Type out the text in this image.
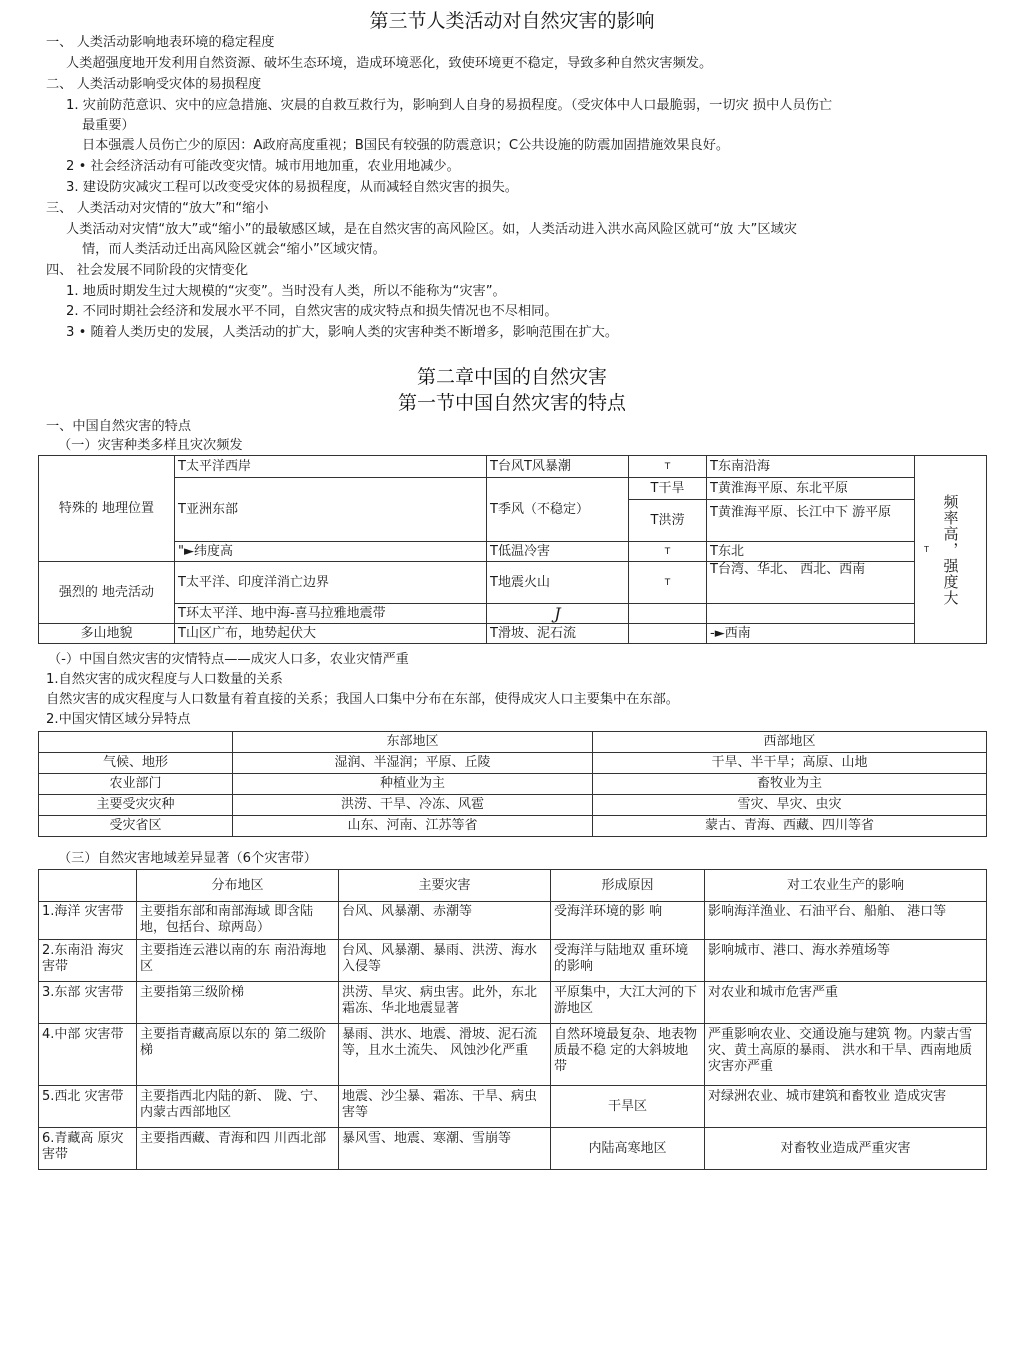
第三节人类活动对自然灾害的影响
一、 人类活动影响地表环境的稳定程度
人类超强度地开发利用自然资源、破坏生态环境，造成环境恶化，致使环境更不稳定，导致多种自然灾害频发。
二、 人类活动影响受灾体的易损程度
1. 灾前防范意识、灾中的应急措施、灾晨的自救互救行为，影响到人自身的易损程度。（受灾体中人口最脆弱，一切灾 损中人员伤亡
最重要）
日本强震人员伤亡少的原因：A政府高度重视；B国民有较强的防震意识；C公共设施的防震加固措施效果良好。
2 • 社会经济活动有可能改变灾情。城市用地加重，农业用地减少。
3. 建设防灾减灾工程可以改变受灾体的易损程度，从而减轻自然灾害的损失。
三、 人类活动对灾情的“放大”和“缩小
人类活动对灾情“放大”或“缩小”的最敏感区域，是在自然灾害的高风险区。如，人类活动进入洪水高风险区就可“放 大”区域灾
情，而人类活动迁出高风险区就会“缩小”区域灾情。
四、 社会发展不同阶段的灾情变化
1. 地质时期发生过大规模的“灾变”。当时没有人类，所以不能称为“灾害”。
2. 不同时期社会经济和发展水平不同，自然灾害的成灾特点和损失情况也不尽相同。
3 • 随着人类历史的发展，人类活动的扩大，影响人类的灾害种类不断增多，影响范围在扩大。
第二章中国的自然灾害
第一节中国自然灾害的特点
一、中国自然灾害的特点
（一）灾害种类多样且灾次频发
特殊的 地理位置	T太平洋西岸	T台风T风暴潮	T	T东南沿海	T 频率高，强度大

	T亚洲东部	T季风（不稳定）	T干旱	T黄淮海平原、东北平原	
			T洪涝	T黄淮海平原、长江中下 游平原	

	"►纬度高	T低温冷害	T	T东北	
强烈的 地壳活动	T太平洋、印度洋消亡边界	T地震火山	T	T台湾、华北、 西北、西南	
	T环太平洋、地中海-喜马拉雅地震带	J			
多山地貌	T山区广布，地势起伏大	T滑坡、泥石流		-►西南	
（-）中国自然灾害的灾情特点——成灾人口多，农业灾情严重
1.自然灾害的成灾程度与人口数量的关系
自然灾害的成灾程度与人口数量有着直接的关系；我国人口集中分布在东部，使得成灾人口主要集中在东部。
2.中国灾情区域分异特点
	东部地区	西部地区
气候、地形	湿润、半湿润；平原、丘陵	干旱、半干旱；高原、山地
农业部门	种植业为主	畜牧业为主
主要受灾灾种	洪涝、干旱、冷冻、风雹	雪灾、旱灾、虫灾
受灾省区	山东、河南、江苏等省	蒙古、青海、西藏、四川等省
（三）自然灾害地域差异显著（6个灾害带）
	分布地区	主要灾害	形成原因	对工农业生产的影响

1.海洋 灾害带	主要指东部和南部海域 即含陆地，包括台、琼两岛）	台风、风暴潮、赤潮等	受海洋环境的影 响	影响海洋渔业、石油平台、船舶、 港口等

2.东南沿 海灾害带	主要指连云港以南的东 南沿海地区	台风、风暴潮、暴雨、洪涝、海水入侵等	受海洋与陆地双 重环境的影响	影响城市、港口、海水养殖场等

3.东部 灾害带	主要指第三级阶梯	洪涝、旱灾、病虫害。此外，东北霜冻、华北地震显著	平原集中，大江大河的下游地区	对农业和城市危害严重

4.中部 灾害带	主要指青藏高原以东的 第二级阶梯	暴雨、洪水、地震、滑坡、泥石流等，且水土流失、 风蚀沙化严重	自然环境最复杂、地表物质最不稳 定的大斜坡地带	严重影响农业、交通设施与建筑 物。内蒙古雪灾、黄土高原的暴雨、 洪水和干旱、西南地质灾害亦严重

5.西北 灾害带	主要指西北内陆的新、 陇、宁、内蒙古西部地区	地震、沙尘暴、霜冻、干旱、病虫害等	干旱区	对绿洲农业、城市建筑和畜牧业 造成灾害

6.青藏高 原灾害带	主要指西藏、青海和四 川西北部	暴风雪、地震、寒潮、雪崩等	内陆高寒地区	对畜牧业造成严重灾害
